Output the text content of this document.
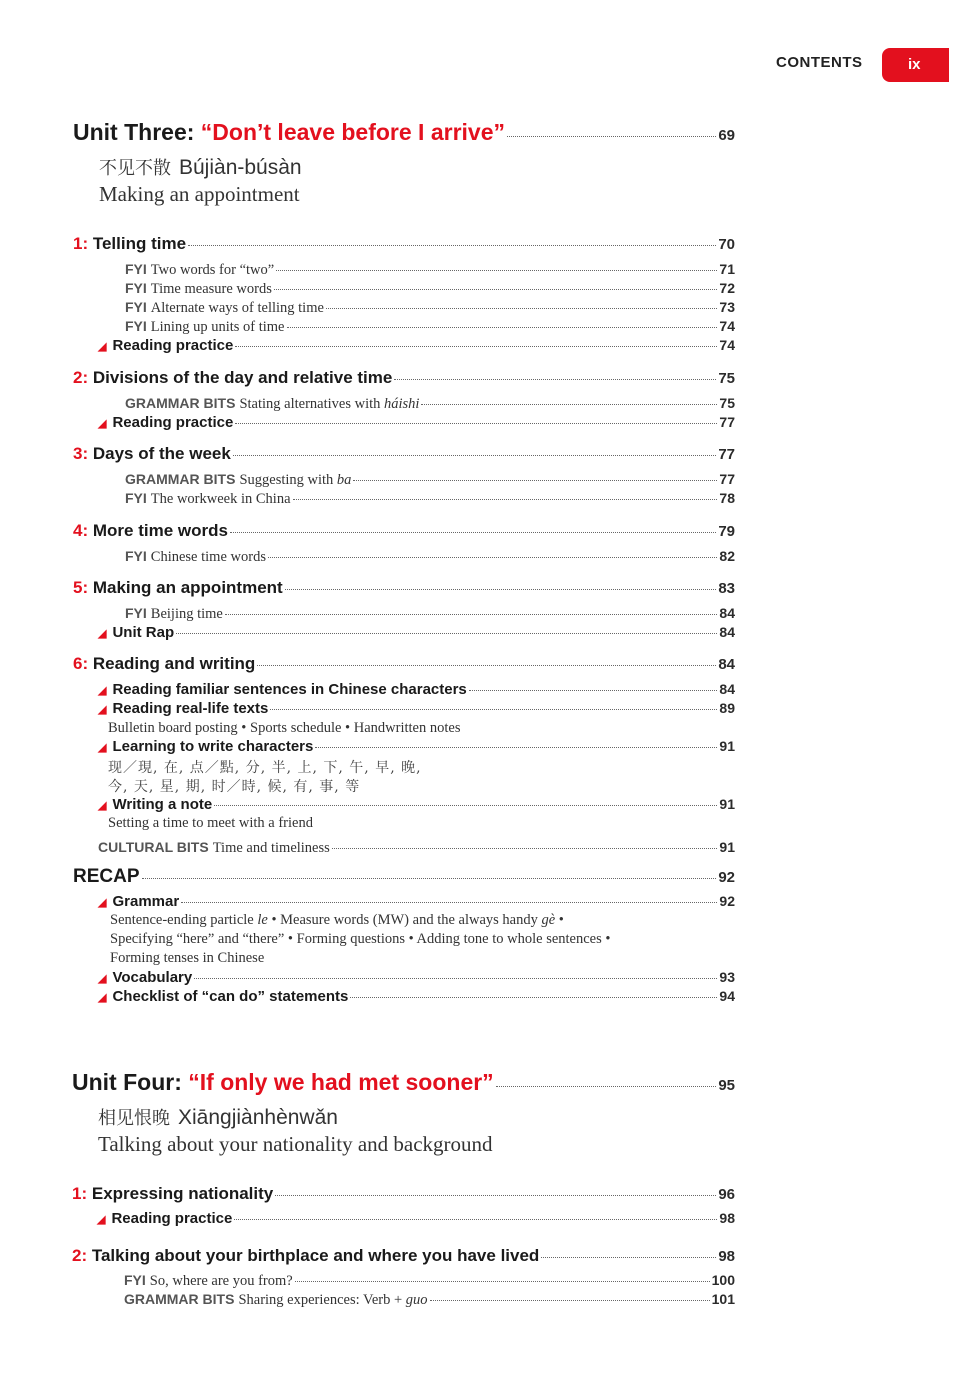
CONTENTS	ix
Unit Three: “Don’t leave before I arrive”	69
不见不散 Bújiàn-búsàn
Making an appointment
1: Telling time	70
FYI Two words for “two”	71
FYI Time measure words	72
FYI Alternate ways of telling time	73
FYI Lining up units of time	74
◢ Reading practice	74
2: Divisions of the day and relative time	75
GRAMMAR BITS Stating alternatives with háishi	75
◢ Reading practice	77
3: Days of the week	77
GRAMMAR BITS Suggesting with ba	77
FYI The workweek in China	78
4: More time words	79
FYI Chinese time words	82
5: Making an appointment	83
FYI Beijing time	84
◢ Unit Rap	84
6: Reading and writing	84
◢ Reading familiar sentences in Chinese characters	84
◢ Reading real-life texts	89
Bulletin board posting • Sports schedule • Handwritten notes
◢ Learning to write characters	91
现／現, 在, 点／點, 分, 半, 上, 下, 午, 早, 晚,
今, 天, 星, 期, 时／時, 候, 有, 事, 等
◢ Writing a note	91
Setting a time to meet with a friend
CULTURAL BITS Time and timeliness	91
RECAP	92
◢ Grammar	92
Sentence-ending particle le • Measure words (MW) and the always handy gè •
Specifying “here” and “there” • Forming questions • Adding tone to whole sentences •
Forming tenses in Chinese
◢ Vocabulary	93
◢ Checklist of “can do” statements	94
Unit Four: “If only we had met sooner”	95
相见恨晚 Xiāngjiànhènwǎn
Talking about your nationality and background
1: Expressing nationality	96
◢ Reading practice	98
2: Talking about your birthplace and where you have lived	98
FYI So, where are you from?	100
GRAMMAR BITS Sharing experiences: Verb + guo	101
